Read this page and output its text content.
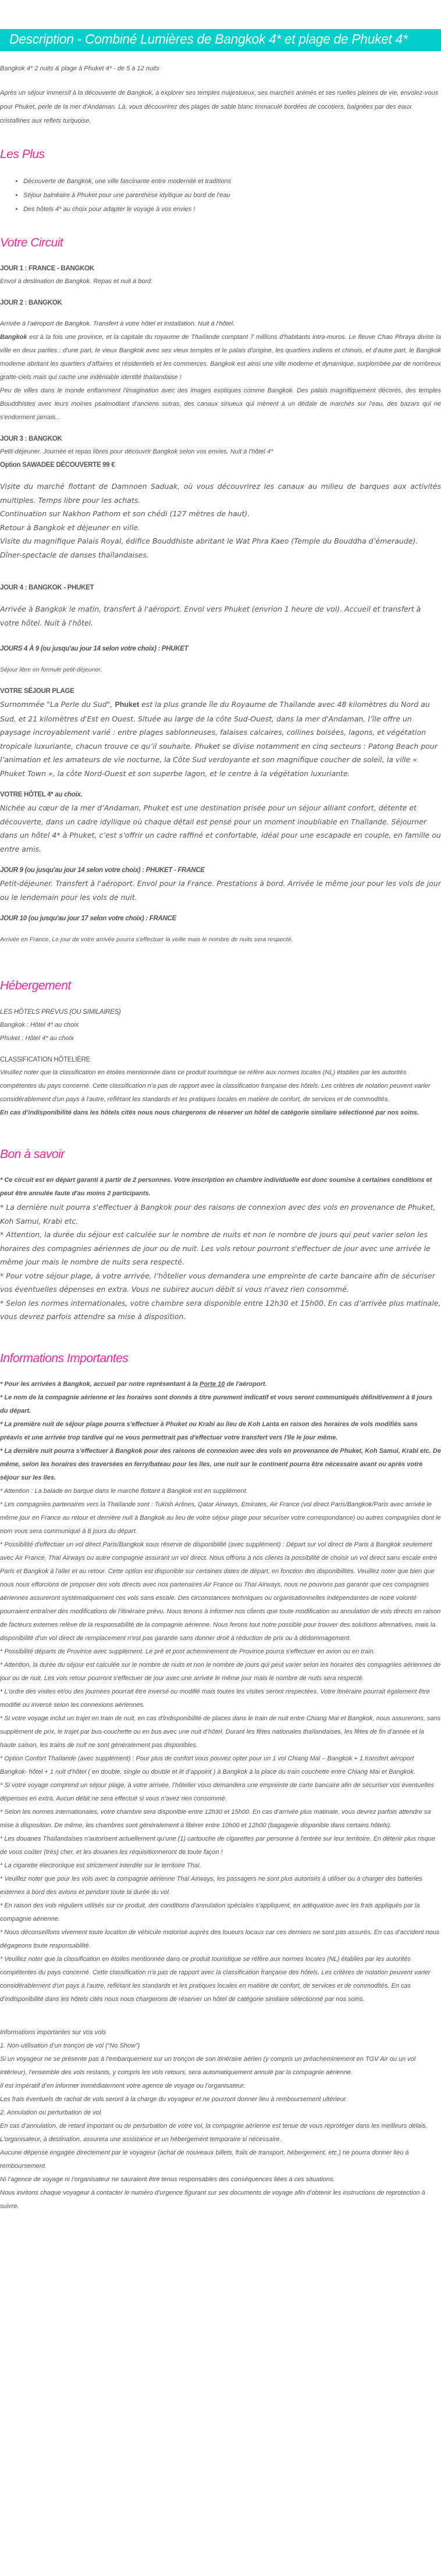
Description - Combiné Lumières de Bangkok 4* et plage de Phuket 4*

Bangkok 4* 2 nuits & plage à Phuket 4* - de 5 à 12 nuits

Après un séjour immersif à la découverte de Bangkok, à explorer ses temples majestueux, ses marchés animés et ses ruelles pleines de vie, envolez-vous pour Phuket, perle de la mer d'Andaman. Là, vous découvrirez des plages de sable blanc immaculé bordées de cocotiers, baignées par des eaux cristallines aux reflets turquoise.

Les Plus
• Découverte de Bangkok, une ville fascinante entre modernité et traditions
• Séjour balnéaire à Phuket pour une parenthèse idyllique au bord de l'eau
• Des hôtels 4* au choix pour adapter le voyage à vos envies !
Votre Circuit

JOUR 1 : FRANCE - BANGKOK

Envol à destination de Bangkok. Repas et nuit à bord.

JOUR 2 : BANGKOK

Arrivée à l'aéroport de Bangkok. Transfert à votre hôtel et installation. Nuit à l'hôtel.

Bangkok est à la fois une province, et la capitale du royaume de Thaïlande comptant 7 millions d'habitants intra-muros. Le fleuve Chao Phraya divise la ville en deux parties : d'une part, le vieux Bangkok avec ses vieux temples et le palais d'origine, les quartiers indiens et chinois, et d'autre part, le Bangkok moderne abritant les quartiers d'affaires et résidentiels et les commerces. Bangkok est ainsi une ville moderne et dynamique, surplombée par de nombreux gratte-ciels mais qui cache une indéniable identité thaïlandaise !

Peu de villes dans le monde enflamment l'imagination avec des images exotiques comme Bangkok. Des palais magnifiquement décorés, des temples Bouddhistes avec leurs moines psalmodiant d'anciens sutras, des canaux sinueux qui mènent à un dédale de marchés sur l'eau, des bazars qui ne s'endorment jamais...

JOUR 3 : BANGKOK

Petit-déjeuner. Journée et repas libres pour découvrir Bangkok selon vos envies. Nuit à l'hôtel 4*

Option SAWADEE DÉCOUVERTE 99 €

Visite du marché flottant de Damnoen Saduak, où vous découvrirez les canaux au milieu de barques aux activités multiples. Temps libre pour les achats.

Continuation sur Nakhon Pathom et son chédi (127 mètres de haut).

Retour à Bangkok et déjeuner en ville.

Visite du magnifique Palais Royal, édifice Bouddhiste abritant le Wat Phra Kaeo (Temple du Bouddha d’émeraude).

Dîner-spectacle de danses thaïlandaises.

JOUR 4 : BANGKOK - PHUKET

Arrivée à Bangkok le matin, transfert à l'aéroport. Envol vers Phuket (envrion 1 heure de vol). Accueil et transfert à votre hôtel. Nuit à l'hôtel.

JOURS 4 À 9 (ou jusqu'au jour 14 selon votre choix) : PHUKET

Séjour libre en formule petit-déjeuner.

VOTRE SÉJOUR PLAGE

Surnommée "La Perle du Sud", Phuket est la plus grande île du Royaume de Thaïlande avec 48 kilomètres du Nord au Sud, et 21 kilomètres d'Est en Ouest. Située au large de la côte Sud-Ouest, dans la mer d'Andaman, l’île offre un paysage incroyablement varié : entre plages sablonneuses, falaises calcaires, collines boisées, lagons, et végétation tropicale luxuriante, chacun trouve ce qu’il souhaite. Phuket se divise notamment en cinq secteurs : Patong Beach pour l’animation et les amateurs de vie nocturne, la Côte Sud verdoyante et son magnifique coucher de soleil, la ville « Phuket Town », la côte Nord-Ouest et son superbe lagon, et le centre à la végétation luxuriante.

VOTRE HÔTEL 4* au choix.

Nichée au cœur de la mer d’Andaman, Phuket est une destination prisée pour un séjour alliant confort, détente et découverte, dans un cadre idyllique où chaque détail est pensé pour un moment inoubliable en Thaïlande. Séjourner dans un hôtel 4* à Phuket, c’est s’offrir un cadre raffiné et confortable, idéal pour une escapade en couple, en famille ou entre amis.

JOUR 9 (ou jusqu'au jour 14 selon votre choix) : PHUKET - FRANCE

Petit-déjeuner. Transfert à l'aéroport. Envol pour la France. Prestations à bord. Arrivée le même jour pour les vols de jour ou le lendemain pour les vols de nuit.

JOUR 10 (ou jusqu'au jour 17 selon votre choix) : FRANCE

Arrivée en France. Le jour de votre arrivée pourra s'effectuer la veille mais le nombre de nuits sera respecté.

Hébergement

LES HÔTELS PRÉVUS (OU SIMILAIRES)

Bangkok : Hôtel 4* au choix

Phuket : Hôtel 4* au choix

CLASSIFICATION HÔTELIÈRE

Veuillez noter que la classification en étoiles mentionnée dans ce produit touristique se réfère aux normes locales (NL) établies par les autorités compétentes du pays concerné. Cette classification n'a pas de rapport avec la classification française des hôtels. Les critères de notation peuvent varier considérablement d'un pays à l'autre, reflétant les standards et les pratiques locales en matière de confort, de services et de commodités.

En cas d’indisponibilité dans les hôtels cités nous nous chargerons de réserver un hôtel de catégorie similaire sélectionné par nos soins.

Bon à savoir

* Ce circuit est en départ garanti à partir de 2 personnes. Votre inscription en chambre individuelle est donc soumise à certaines conditions et peut être annulée faute d'au moins 2 participants.

* La dernière nuit pourra s'effectuer à Bangkok pour des raisons de connexion avec des vols en provenance de Phuket, Koh Samui, Krabi etc.

* Attention, la durée du séjour est calculée sur le nombre de nuits et non le nombre de jours qui peut varier selon les horaires des compagnies aériennes de jour ou de nuit. Les vols retour pourront s'effectuer de jour avec une arrivée le même jour mais le nombre de nuits sera respecté.

* Pour votre séjour plage, à votre arrivée, l’hôtelier vous demandera une empreinte de carte bancaire afin de sécuriser vos éventuelles dépenses en extra. Vous ne subirez aucun débit si vous n'avez rien consommé.

* Selon les normes internationales, votre chambre sera disponible entre 12h30 et 15h00. En cas d’arrivée plus matinale, vous devrez parfois attendre sa mise à disposition.

Informations Importantes

* Pour les arrivées à Bangkok, accueil par notre représentant à la Porte 10 de l'aéroport.

* Le nom de la compagnie aérienne et les horaires sont donnés à titre purement indicatif et vous seront communiqués définitivement à 8 jours du départ.

* La première nuit de séjour plage pourra s'effectuer à Phuket ou Krabi au lieu de Koh Lanta en raison des horaires de vols modifiés sans préavis et une arrivée trop tardive qui ne vous permettrait pas d'effectuer votre transfert vers l'île le jour même.

* La dernière nuit pourra s'effectuer à Bangkok pour des raisons de connexion avec des vols en provenance de Phuket, Koh Samui, Krabi etc. De même, selon les horaires des traversées en ferry/bateau pour les îles, une nuit sur le continent pourra être nécessaire avant ou après votre séjour sur les îles.

* Attention : La balade en barque dans le marché flottant à Bangkok est en supplément.

* Les compagnies partenaires vers la Thaïlande sont : Tukish Arlines, Qatar Airways, Emirates, Air France (vol direct Paris/Bangkok/Paris avec arrivée le même jour en France au retour et dernière nuit à Bangkok au lieu de votre séjour plage pour sécuriser votre correspondance) ou autres compagnies dont le nom vous sera communiqué à 8 jours du départ.

* Possibilité d'effectuer un vol direct Paris/Bangkok sous réserve de disponibilité (avec supplément) : Départ sur vol direct de Paris à Bangkok seulement avec Air France, Thaï Airways ou autre compagnie assurant un vol direct. Nous offrons à nos clients la possibilité de choisir un vol direct sans escale entre Paris et Bangkok à l'aller et au retour. Cette option est disponible sur certaines dates de départ, en fonction des disponibilités. Veuillez noter que bien que nous nous efforcions de proposer des vols directs avec nos partenaires Air France ou Thaï Airways, nous ne pouvons pas garantir que ces compagnies aériennes assureront systématiquement ces vols sans escale. Des circonstances techniques ou organisationnelles indépendantes de notre volonté pourraient entraîner des modifications de l'itinéraire prévu. Nous tenons à informer nos clients que toute modification ou annulation de vols directs en raison de facteurs externes relève de la responsabilité de la compagnie aérienne. Nous ferons tout notre possible pour trouver des solutions alternatives, mais la disponibilité d'un vol direct de remplacement n'est pas garantie sans donner droit à réduction de prix ou à dédommagement.

* Possibilité départs de Province avec supplément. Le pré et post acheminement de Province pourra s'effectuer en avion ou en train.

* Attention, la durée du séjour est calculée sur le nombre de nuits et non le nombre de jours qui peut varier selon les horaires des compagnies aériennes de jour ou de nuit. Les vols retour pourront s'effectuer de jour avec une arrivée le même jour mais le nombre de nuits sera respecté.

* L'ordre des visites et/ou des journées pourrait être inversé ou modifié mais toutes les visites seront respectées. Votre itinéraire pourrait également être modifié ou inversé selon les connexions aériennes.

* Si votre voyage inclut un trajet en train de nuit, en cas d'indisponibilité de places dans le train de nuit entre Chiang Mai et Bangkok, nous assurerons, sans supplément de prix, le trajet par bus-couchette ou en bus avec une nuit d’hôtel. Durant les fêtes nationales thaïlandaises, les fêtes de fin d’année et la haute saison, les trains de nuit ne sont généralement pas disponibles.

* Option Confort Thaïlande (avec supplément) : Pour plus de confort vous pouvez opter pour un 1 vol Chiang Mai – Bangkok + 1 transfert aéroport Bangkok- hôtel + 1 nuit d’hôtel ( en double, single ou double et lit d’appoint ) à Bangkok à la place du train couchette entre Chiang Mai et Bangkok.

* Si votre voyage comprend un séjour plage, à votre arrivée, l’hôtelier vous demandera une empreinte de carte bancaire afin de sécuriser vos éventuelles dépenses en extra. Aucun débit ne sera effectué si vous n’avez rien consommé.

* Selon les normes internationales, votre chambre sera disponible entre 12h30 et 15h00. En cas d’arrivée plus matinale, vous devrez parfois attendre sa mise à disposition. De même, les chambres sont généralement à libérer entre 10h00 et 12h00 (bagagerie disponible dans certains hôtels).

* Les douanes Thaïlandaises n'autorisent actuellement qu'une (1) cartouche de cigarettes par personne à l'entrée sur leur territoire. En détenir plus risque de vous coûter (très) cher, et les douanes les réquisitionneront de toute façon !

* La cigarette électronique est strictement interdite sur le territoire Thaï.

* Veuillez noter que pour les vols avec la compagnie aérienne Thaï Airways, les passagers ne sont plus autorisés à utiliser ou à charger des batteries externes à bord des avions et pendant toute la durée du vol.

* En raison des vols réguliers utilisés sur ce produit, des conditions d'annulation spéciales s'appliquent, en adéquation avec les frais appliqués par la compagnie aérienne.

* Nous déconseillons vivement toute location de véhicule motorisé auprès des loueurs locaux car ces derniers ne sont pas assurés. En cas d'accident nous dégageons toute responsabilité.

* Veuillez noter que la classification en étoiles mentionnée dans ce produit touristique se réfère aux normes locales (NL) établies par les autorités compétentes du pays concerné. Cette classification n'a pas de rapport avec la classification française des hôtels. Les critères de notation peuvent varier considérablement d'un pays à l'autre, reflétant les standards et les pratiques locales en matière de confort, de services et de commodités. En cas d’indisponibilité dans les hôtels cités nous nous chargerons de réserver un hôtel de catégorie similaire sélectionné par nos soins.

Informations importantes sur vos vols

1. Non-utilisation d’un tronçon de vol (“No Show”)

Si un voyageur ne se présente pas à l’embarquement sur un tronçon de son itinéraire aérien (y compris un préacheminement en TGV Air ou un vol intérieur), l’ensemble des vols restants, y compris les vols retours, sera automatiquement annulé par la compagnie aérienne.

Il est impératif d’en informer immédiatement votre agence de voyage ou l’organisateur.

Les frais éventuels de rachat de vols seront à la charge du voyageur et ne pourront donner lieu à remboursement ultérieur.

2. Annulation ou perturbation de vol

En cas d’annulation, de retard important ou de perturbation de votre vol, la compagnie aérienne est tenue de vous reprotéger dans les meilleurs délais.

L’organisateur, à destination, assurera une assistance et un hébergement temporaire si nécessaire.

Aucune dépense engagée directement par le voyageur (achat de nouveaux billets, frais de transport, hébergement, etc.) ne pourra donner lieu à remboursement.

Ni l’agence de voyage ni l’organisateur ne sauraient être tenus responsables des conséquences liées à ces situations.

Nous invitons chaque voyageur à contacter le numéro d’urgence figurant sur ses documents de voyage afin d’obtenir les instructions de reprotection à suivre.
